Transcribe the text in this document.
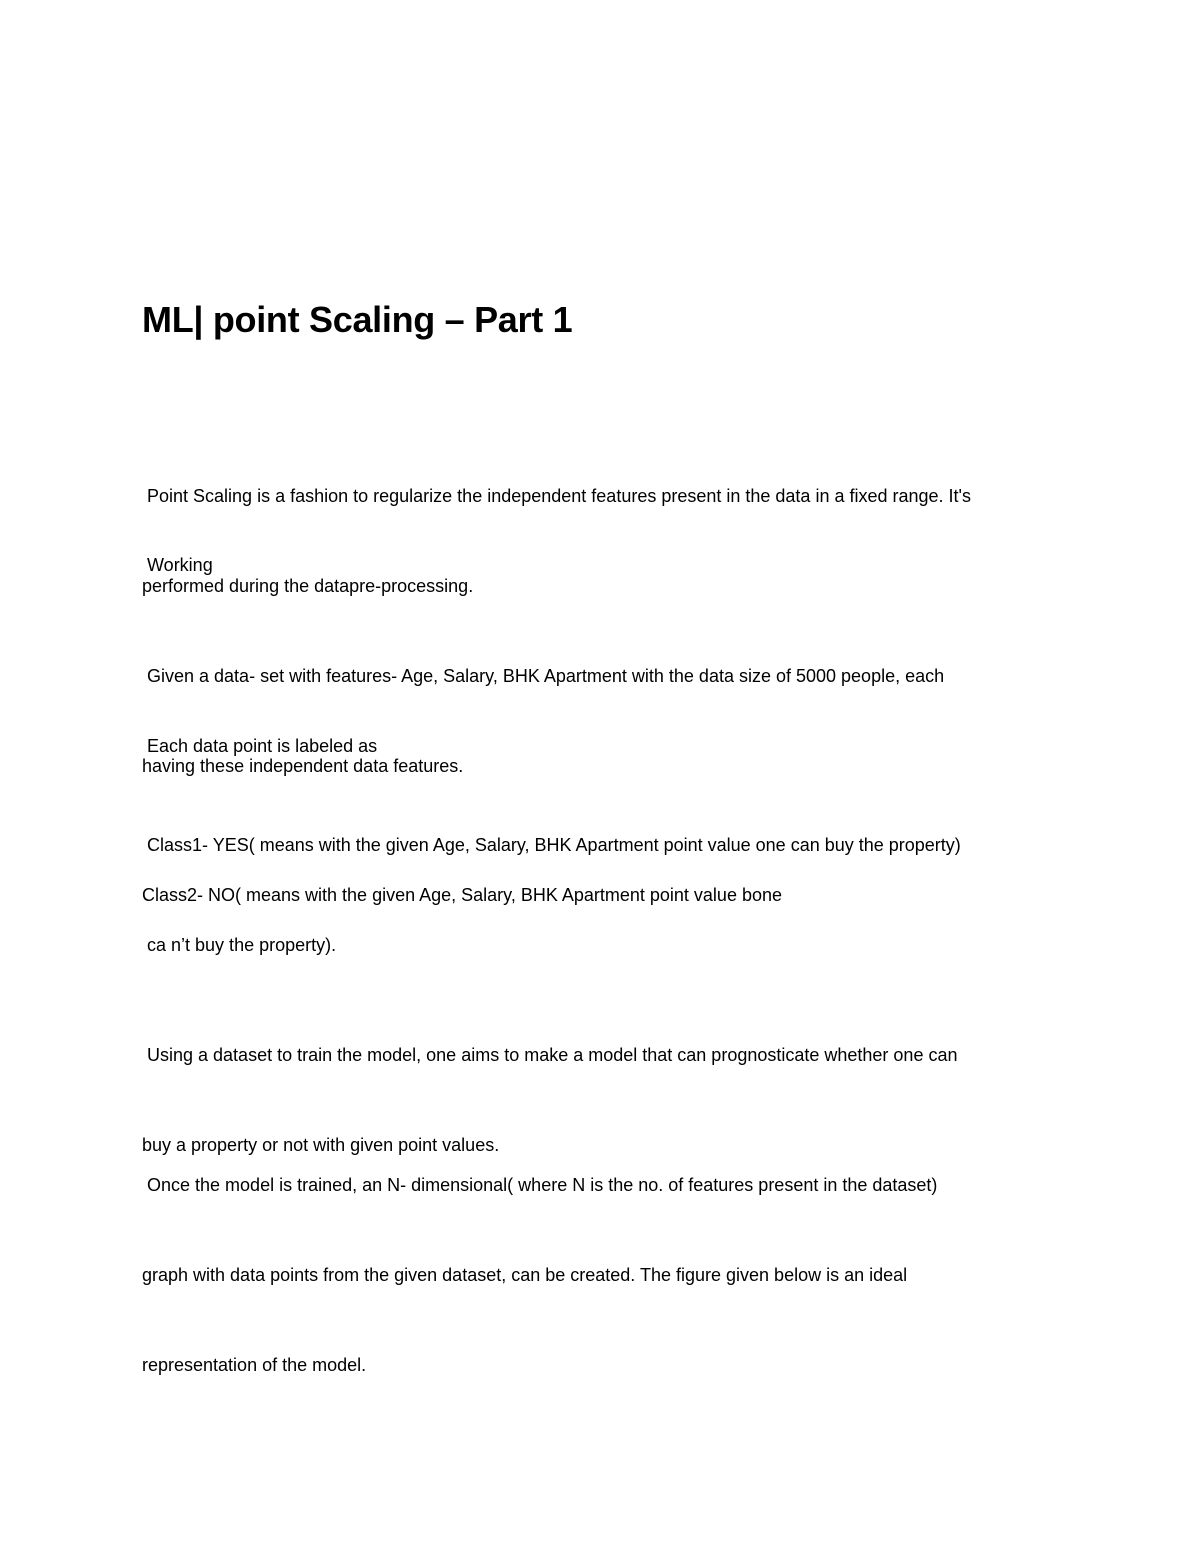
ML| point Scaling – Part 1

Point Scaling is a fashion to regularize the independent features present in the data in a fixed range. It's

performed during the datapre-processing.

Working

Given a data- set with features- Age, Salary, BHK Apartment with the data size of 5000 people, each

having these independent data features.

Each data point is labeled as
Class1- YES( means with the given Age, Salary, BHK Apartment point value one can buy the property)
Class2- NO( means with the given Age, Salary, BHK Apartment point value bone
ca n’t buy the property).

Using a dataset to train the model, one aims to make a model that can prognosticate whether one can

buy a property or not with given point values.

Once the model is trained, an N- dimensional( where N is the no. of features present in the dataset)

graph with data points from the given dataset, can be created. The figure given below is an ideal

representation of the model.
